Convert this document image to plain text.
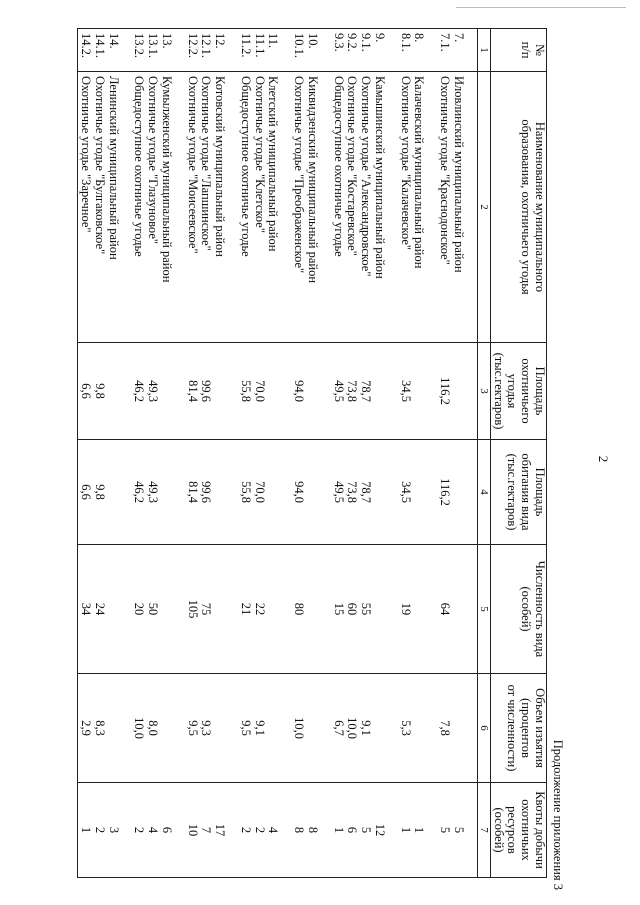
2
Продолжение приложения 3
№
п/п	Наименование муниципального
образования, охотничьего угодья	Площадь
охотничьего
угодья
(тыс.гектаров)	Площадь
обитания вида
(тыс.гектаров)	Численность вида
(особей)	Объем изъятия
(процентов
от численности)	Квоты добычи
охотничьих
ресурсов
(особей)

1	2	3	4	5	6	7

7.	Иловлинский муниципальный район					5
7.1.	Охотничье угодье "Краснодонское"	116,2	116,2	64	7,8	5

8.	Калачевский муниципальный район					1
8.1.	Охотничье угодье "Калачевское"	34,5	34,5	19	5,3	1

9.	Камышинский муниципальный район					12
9.1.	Охотничье угодье "Александровское"	78,7	78,7	55	9,1	5
9.2.	Охотничье угодье "Костаревское"	73,8	73,8	60	10,0	6
9.3.	Общедоступное охотничье угодье	49,5	49,5	15	6,7	1

10.	Киквидзенский муниципальный район					8
10.1.	Охотничье угодье "Преображенское"	94,0	94,0	80	10,0	8

11.	Клетский муниципальный район					4
11.1.	Охотничье угодье "Клетское"	70,0	70,0	22	9,1	2
11.2.	Общедоступное охотничье угодье	55,8	55,8	21	9,5	2

12.	Котовский муниципальный район					17
12.1.	Охотничье угодье "Лапшинское"	99,6	99,6	75	9,3	7
12.2.	Охотничье угодье "Моисеевское"	81,4	81,4	105	9,5	10

13.	Кумылженский муниципальный район					6
13.1.	Охотничье угодье "Глазуновое"	49,3	49,3	50	8,0	4
13.2.	Общедоступное охотничье угодье	46,2	46,2	20	10,0	2

14.	Ленинский муниципальный район					3
14.1.	Охотничье угодье "Булгаковское"	9,8	9,8	24	8,3	2
14.2.	Охотничье угодье "Заречное"	6,6	6,6	34	2,9	1
